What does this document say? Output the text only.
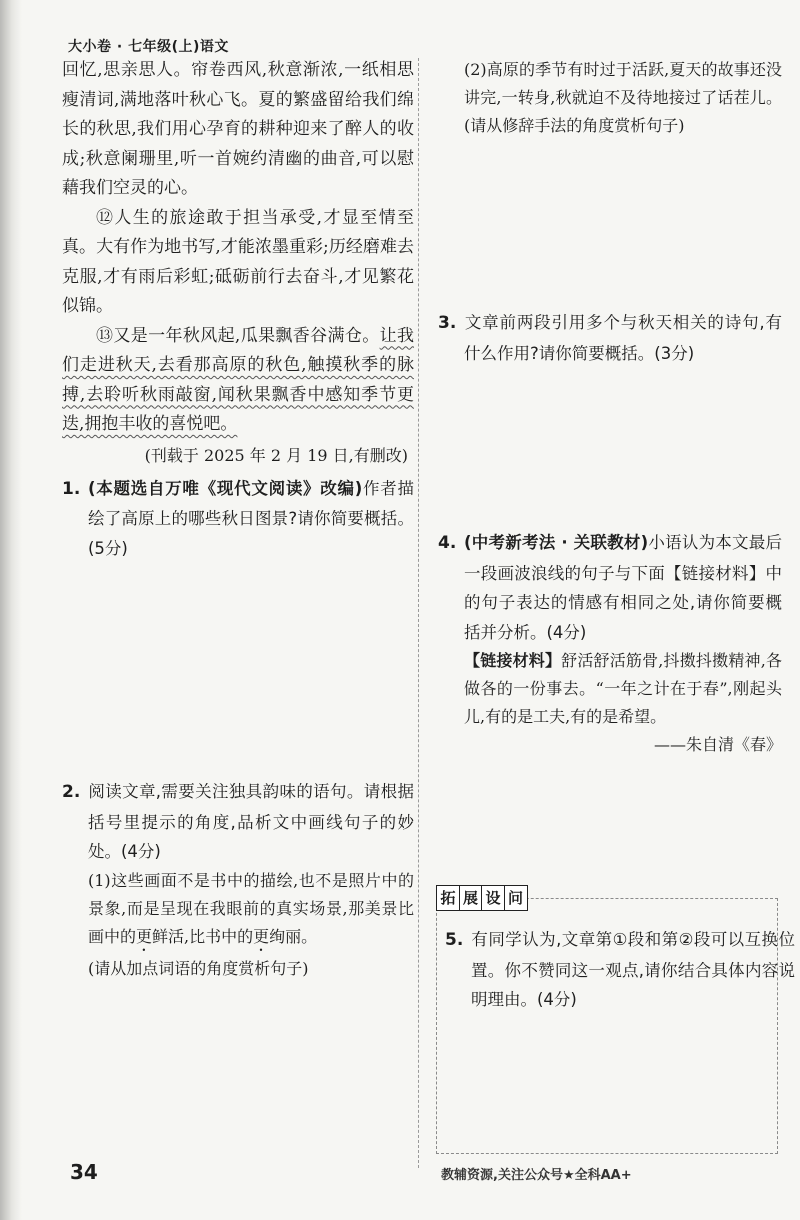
大小卷 · 七年级(上)语文

回忆,思亲思人。帘卷西风,秋意渐浓,一纸相思瘦清词,满地落叶秋心飞。夏的繁盛留给我们绵长的秋思,我们用心孕育的耕种迎来了醉人的收成;秋意阑珊里,听一首婉约清幽的曲音,可以慰藉我们空灵的心。

⑫人生的旅途敢于担当承受,才显至情至真。大有作为地书写,才能浓墨重彩;历经磨难去克服,才有雨后彩虹;砥砺前行去奋斗,才见繁花似锦。

⑬又是一年秋风起,瓜果飘香谷满仓。让我们走进秋天,去看那高原的秋色,触摸秋季的脉搏,去聆听秋雨敲窗,闻秋果飘香中感知季节更迭,拥抱丰收的喜悦吧。

(刊载于 2025 年 2 月 19 日,有删改)

1. (本题选自万唯《现代文阅读》改编)作者描绘了高原上的哪些秋日图景?请你简要概括。(5分)

2. 阅读文章,需要关注独具韵味的语句。请根据括号里提示的角度,品析文中画线句子的妙处。(4分)

(1)这些画面不是书中的描绘,也不是照片中的景象,而是呈现在我眼前的真实场景,那美景比画中的更鲜活,比书中的更绚丽。

(请从加点词语的角度赏析句子)

(2)高原的季节有时过于活跃,夏天的故事还没讲完,一转身,秋就迫不及待地接过了话茬儿。(请从修辞手法的角度赏析句子)

3. 文章前两段引用多个与秋天相关的诗句,有什么作用?请你简要概括。(3分)

4. (中考新考法 · 关联教材)小语认为本文最后一段画波浪线的句子与下面【链接材料】中的句子表达的情感有相同之处,请你简要概括并分析。(4分)

【链接材料】舒活舒活筋骨,抖擞抖擞精神,各做各的一份事去。“一年之计在于春”,刚起头儿,有的是工夫,有的是希望。

——朱自清《春》

拓 展 设 问

5. 有同学认为,文章第①段和第②段可以互换位置。你不赞同这一观点,请你结合具体内容说明理由。(4分)

34	教辅资源,关注公众号★全科AA+
